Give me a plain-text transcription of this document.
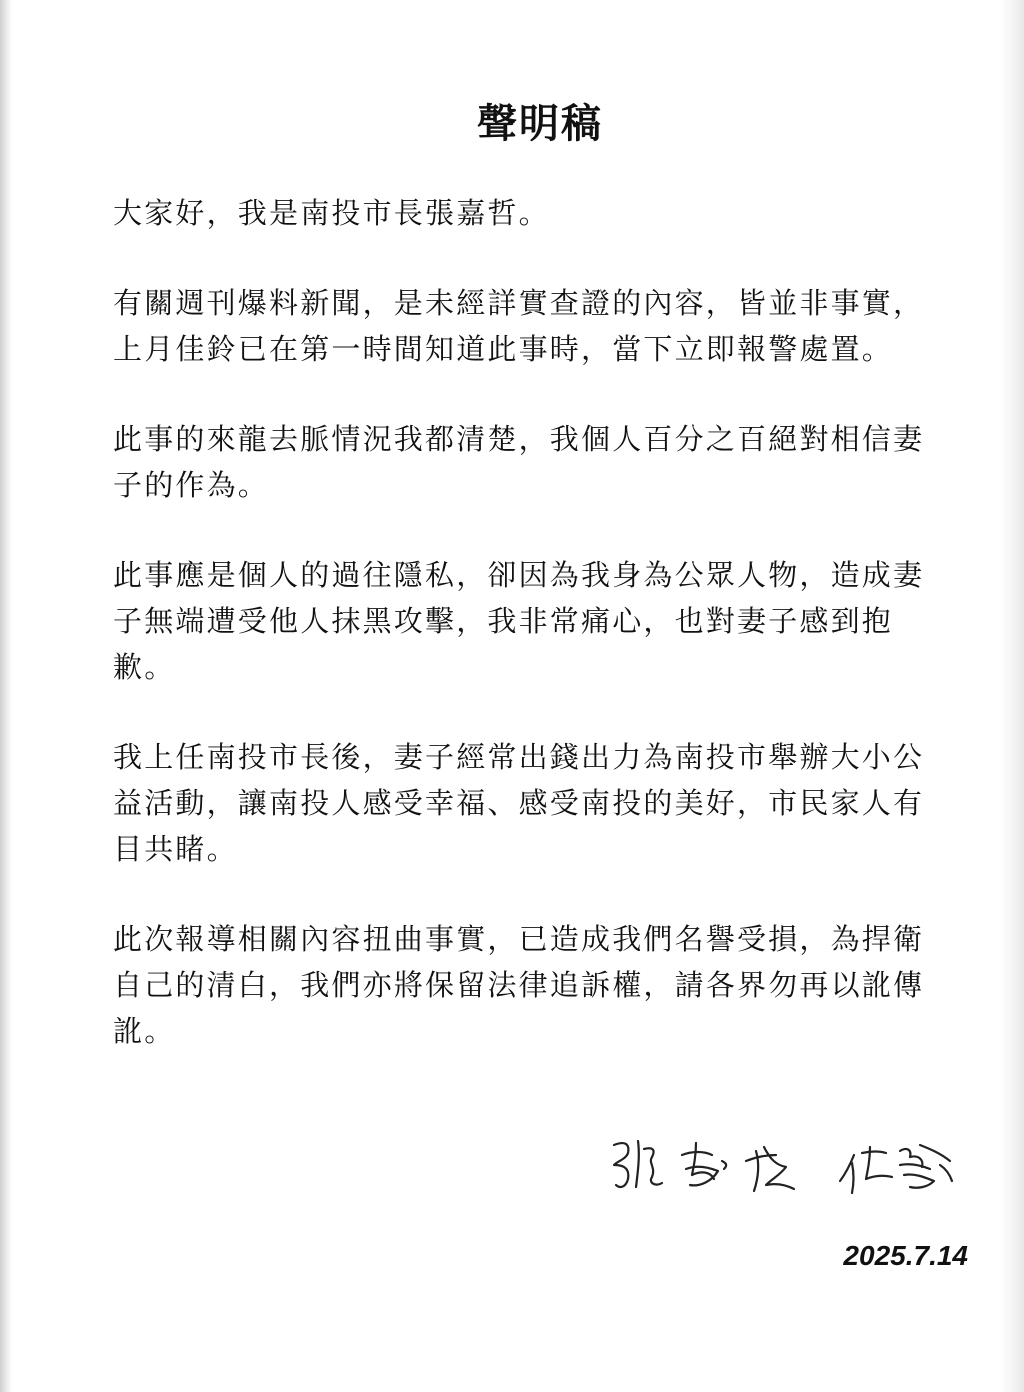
聲明稿
大家好，我是南投市長張嘉哲。
有關週刊爆料新聞，是未經詳實查證的內容，皆並非事實，
上月佳鈴已在第一時間知道此事時，當下立即報警處置。
此事的來龍去脈情況我都清楚，我個人百分之百絕對相信妻
子的作為。
此事應是個人的過往隱私，卻因為我身為公眾人物，造成妻
子無端遭受他人抹黑攻擊，我非常痛心，也對妻子感到抱
歉。
我上任南投市長後，妻子經常出錢出力為南投市舉辦大小公
益活動，讓南投人感受幸福、感受南投的美好，市民家人有
目共睹。
此次報導相關內容扭曲事實，已造成我們名譽受損，為捍衛
自己的清白，我們亦將保留法律追訴權，請各界勿再以訛傳
訛。
2025.7.14
